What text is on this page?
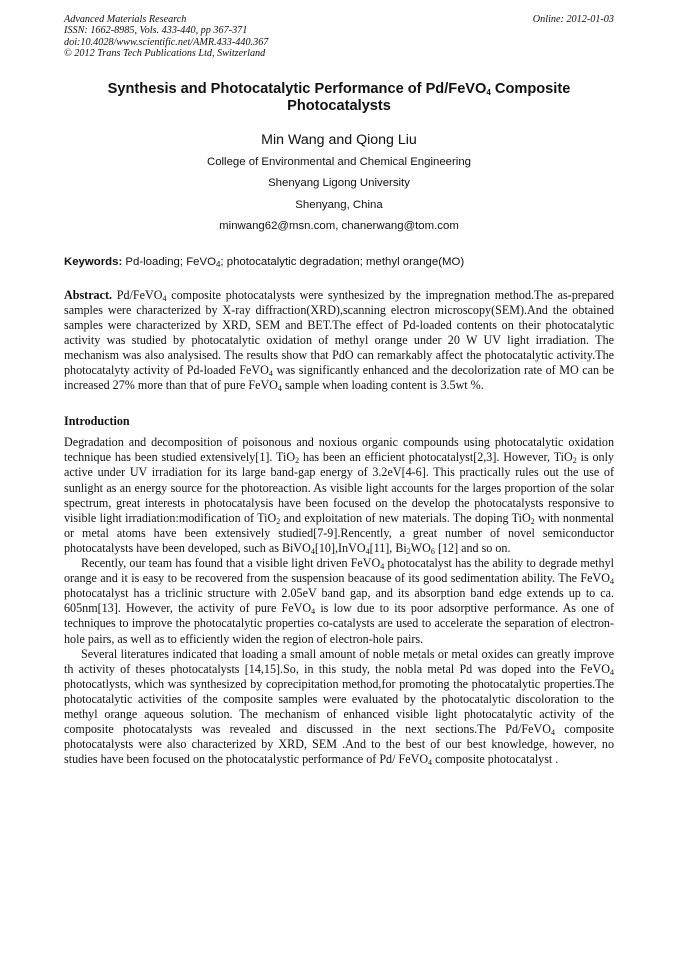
Advanced Materials Research
ISSN: 1662-8985, Vols. 433-440, pp 367-371
doi:10.4028/www.scientific.net/AMR.433-440.367
© 2012 Trans Tech Publications Ltd, Switzerland
Online: 2012-01-03
Synthesis and Photocatalytic Performance of Pd/FeVO$_4$ Composite Photocatalysts
Min Wang and Qiong Liu
College of Environmental and Chemical Engineering
Shenyang Ligong University
Shenyang, China
minwang62@msn.com, chanerwang@tom.com
Keywords: Pd-loading; FeVO$_4$; photocatalytic degradation; methyl orange(MO)
Abstract. Pd/FeVO$_4$ composite photocatalysts were synthesized by the impregnation method.The as-prepared samples were characterized by X-ray diffraction(XRD),scanning electron microscopy(SEM).And the obtained samples were characterized by XRD, SEM and BET.The effect of Pd-loaded contents on their photocatalytic activity was studied by photocatalytic oxidation of methyl orange under 20 W UV light irradiation. The mechanism was also analysised. The results show that PdO can remarkably affect the photocatalytic activity.The photocatalyty activity of Pd-loaded FeVO$_4$ was significantly enhanced and the decolorization rate of MO can be increased 27% more than that of pure FeVO$_4$ sample when loading content is 3.5wt %.
Introduction
Degradation and decomposition of poisonous and noxious organic compounds using photocatalytic oxidation technique has been studied extensively[1]. TiO$_2$ has been an efficient photocatalyst[2,3]. However, TiO$_2$ is only active under UV irradiation for its large band-gap energy of 3.2eV[4-6]. This practically rules out the use of sunlight as an energy source for the photoreaction. As visible light accounts for the larges proportion of the solar spectrum, great interests in photocatalysis have been focused on the develop the photocatalysts responsive to visible light irradiation:modification of TiO$_2$ and exploitation of new materials. The doping TiO$_2$ with nonmental or metal atoms have been extensively studied[7-9].Rencently, a great number of novel semiconductor photocatalysts have been developed, such as BiVO$_4$[10],InVO$_4$[11], $Bi_2WO_6$ [12] and so on.
Recently, our team has found that a visible light driven FeVO$_4$ photocatalyst has the ability to degrade methyl orange and it is easy to be recovered from the suspension beacause of its good sedimentation ability. The FeVO$_4$ photocatalyst has a triclinic structure with 2.05eV band gap, and its absorption band edge extends up to ca. 605nm[13]. However, the activity of pure FeVO$_4$ is low due to its poor adsorptive performance. As one of techniques to improve the photocatalytic properties co-catalysts are used to accelerate the separation of electron-hole pairs, as well as to efficiently widen the region of electron-hole pairs.
Several literatures indicated that loading a small amount of noble metals or metal oxides can greatly improve th activity of theses photocatalysts [14,15].So, in this study, the nobla metal Pd was doped into the FeVO$_4$ photocatlysts, which was synthesized by coprecipitation method,for promoting the photocatalytic properties.The photocatalytic activities of the composite samples were evaluated by the photocatalytic discoloration to the methyl orange aqueous solution. The mechanism of enhanced visible light photocatalytic activity of the composite photocatalysts was revealed and discussed in the next sections.The Pd/FeVO$_4$ composite photocatalysts were also characterized by XRD, SEM .And to the best of our best knowledge, however, no studies have been focused on the photocatalystic performance of Pd/ FeVO$_4$ composite photocatalyst .
